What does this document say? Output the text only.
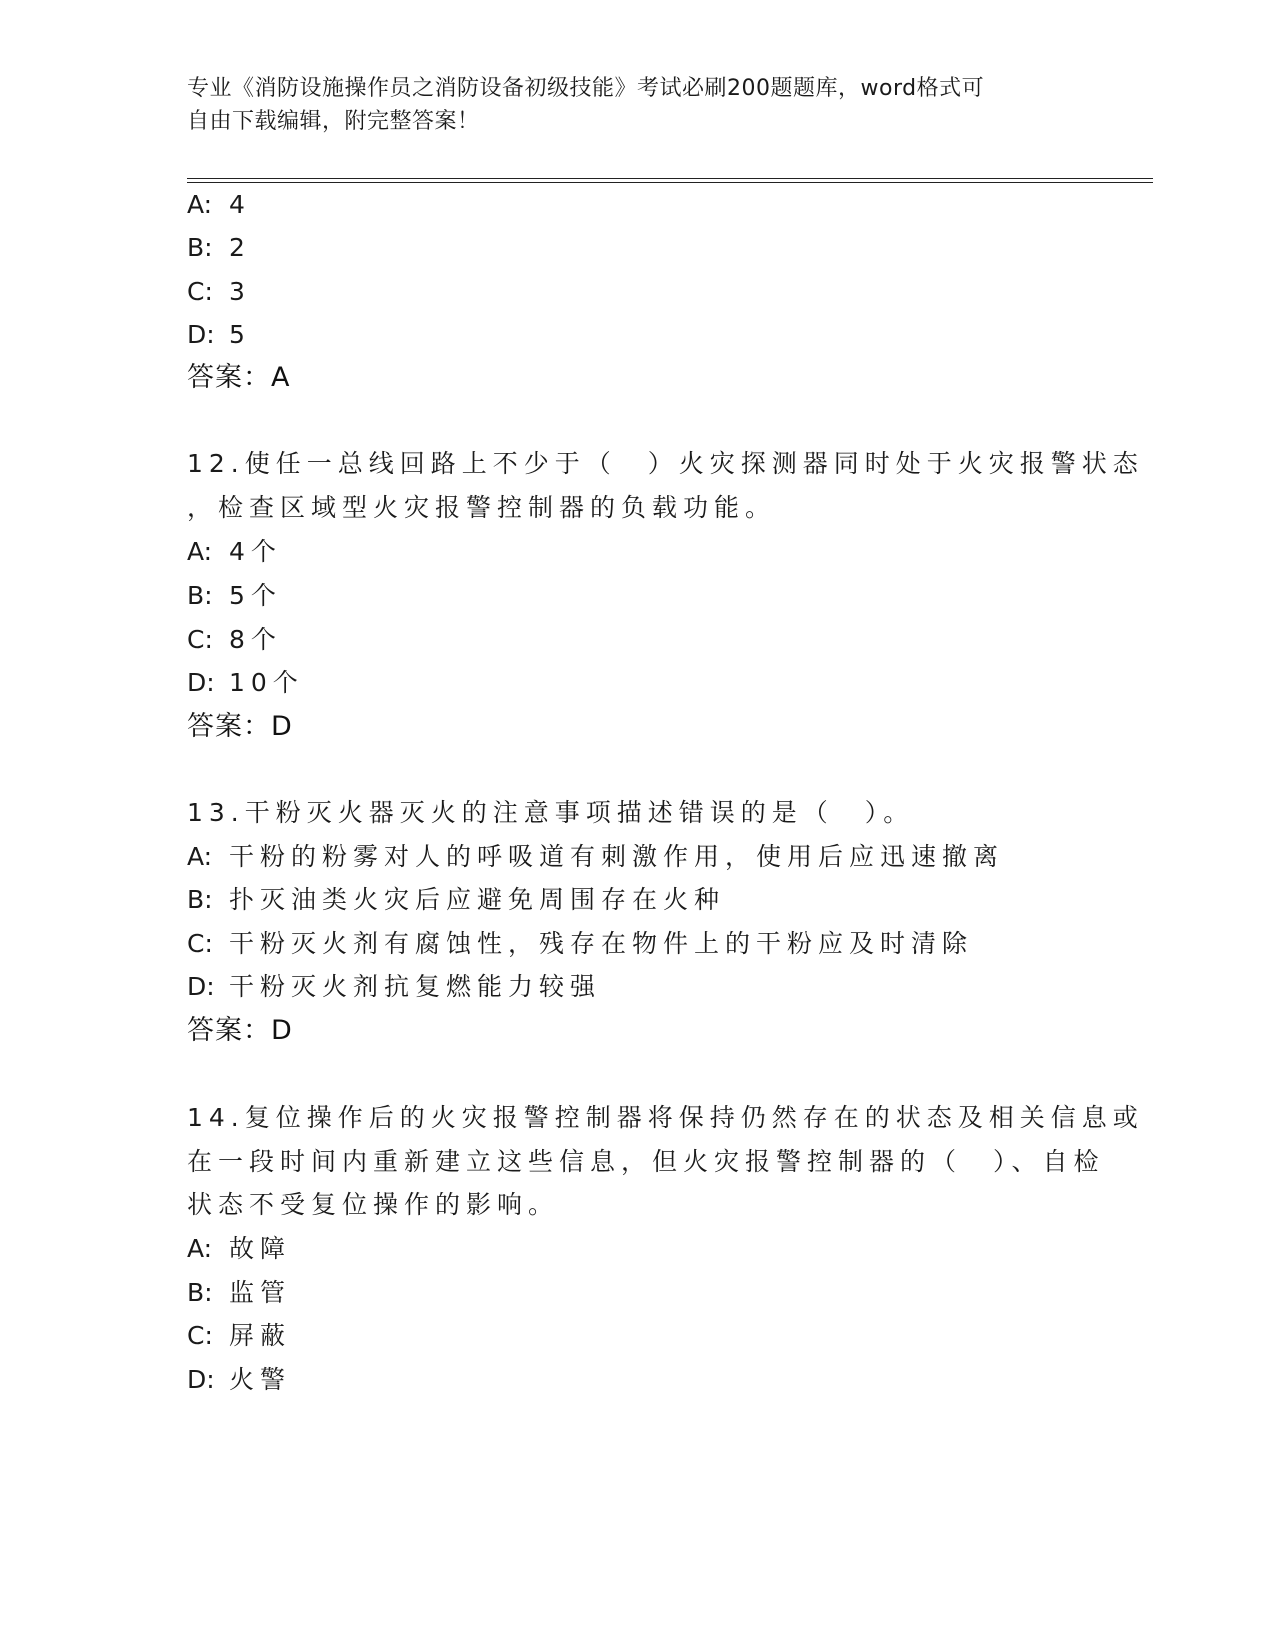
专业《消防设施操作员之消防设备初级技能》考试必刷200题题库，word格式可
自由下载编辑，附完整答案！
A: 4
B: 2
C: 3
D: 5
答案：A
12.使任一总线回路上不少于（　）火灾探测器同时处于火灾报警状态
，检查区域型火灾报警控制器的负载功能。
A: 4个
B: 5个
C: 8个
D: 10个
答案：D
13.干粉灭火器灭火的注意事项描述错误的是（　）。
A: 干粉的粉雾对人的呼吸道有刺激作用，使用后应迅速撤离
B: 扑灭油类火灾后应避免周围存在火种
C: 干粉灭火剂有腐蚀性，残存在物件上的干粉应及时清除
D: 干粉灭火剂抗复燃能力较强
答案：D
14.复位操作后的火灾报警控制器将保持仍然存在的状态及相关信息或
在一段时间内重新建立这些信息，但火灾报警控制器的（　）、自检
状态不受复位操作的影响。
A: 故障
B: 监管
C: 屏蔽
D: 火警
